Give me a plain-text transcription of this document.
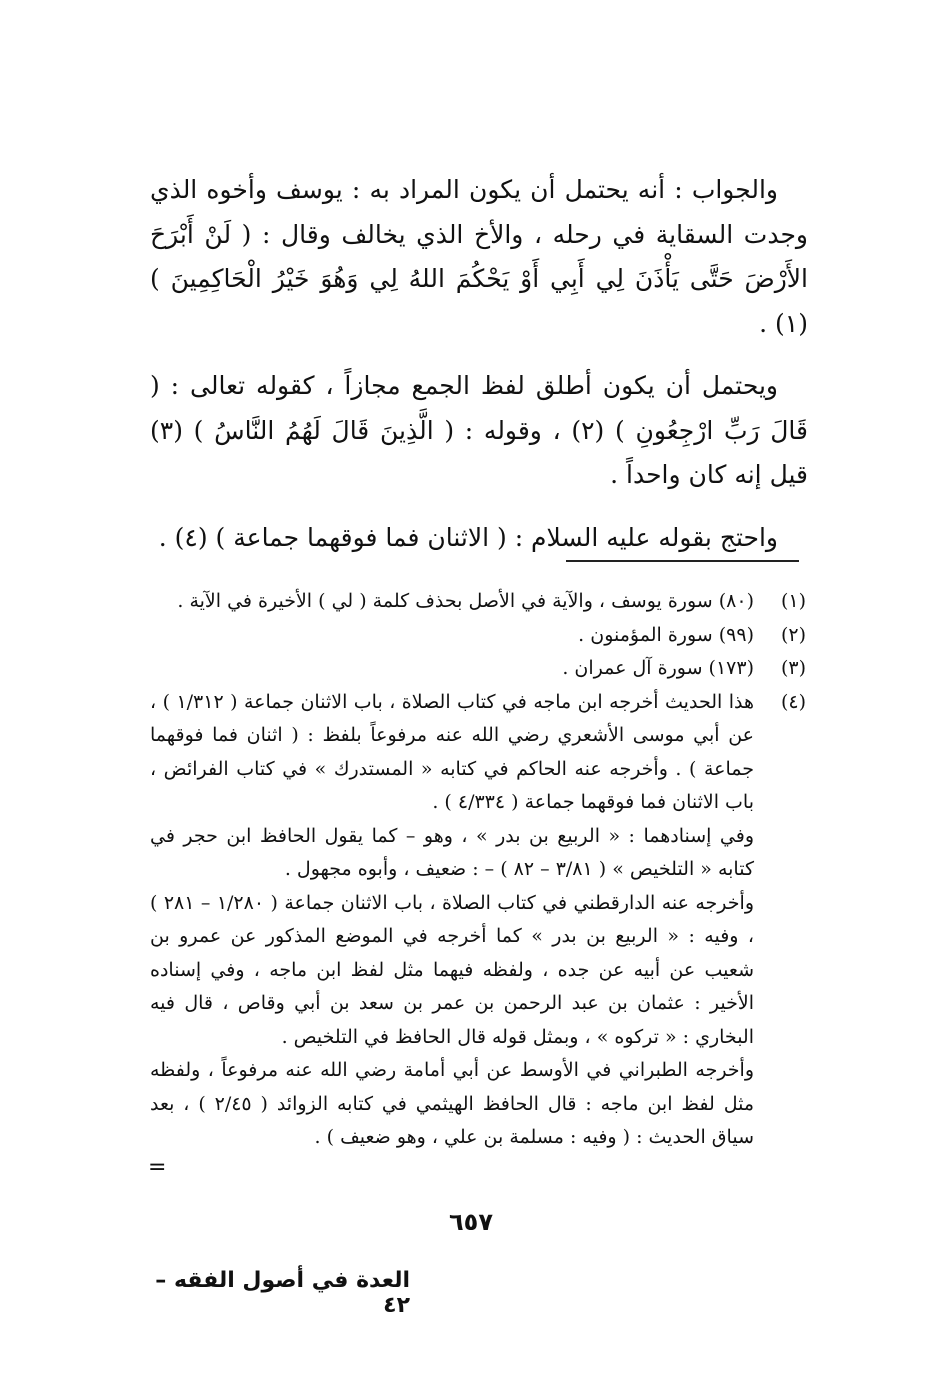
والجواب : أنه يحتمل أن يكون المراد به : يوسف وأخوه الذي وجدت السقاية في رحله ، والأخ الذي يخالف وقال : ( لَنْ أَبْرَحَ الأَرْضَ حَتَّى يَأْذَنَ لِي أَبِي أَوْ يَحْكُمَ اللهُ لِي وَهُوَ خَيْرُ الْحَاكِمِينَ ) (١) .

ويحتمل أن يكون أطلق لفظ الجمع مجازاً ، كقوله تعالى : ( قَالَ رَبِّ ارْجِعُونِ ) (٢) ، وقوله : ( الَّذِينَ قَالَ لَهُمُ النَّاسُ ) (٣) قيل إنه كان واحداً .

واحتج بقوله عليه السلام : ( الاثنان فما فوقهما جماعة ) (٤) .

(١)
(٨٠) سورة يوسف ، والآية في الأصل بحذف كلمة ( لي ) الأخيرة في الآية .
(٢)
(٩٩) سورة المؤمنون .
(٣)
(١٧٣) سورة آل عمران .
(٤)
هذا الحديث أخرجه ابن ماجه في كتاب الصلاة ، باب الاثنان جماعة ( ١/٣١٢ ) ، عن أبي موسى الأشعري رضي الله عنه مرفوعاً بلفظ : ( اثنان فما فوقهما جماعة ) . وأخرجه عنه الحاكم في كتابه « المستدرك » في كتاب الفرائض ، باب الاثنان فما فوقهما جماعة ( ٤/٣٣٤ ) .
وفي إسنادهما : « الربيع بن بدر » ، وهو – كما يقول الحافظ ابن حجر في كتابه « التلخيص » ( ٣/٨١ – ٨٢ ) – : ضعيف ، وأبوه مجهول .
وأخرجه عنه الدارقطني في كتاب الصلاة ، باب الاثنان جماعة ( ١/٢٨٠ – ٢٨١ ) ، وفيه : « الربيع بن بدر » كما أخرجه في الموضع المذكور عن عمرو بن شعيب عن أبيه عن جده ، ولفظه فيهما مثل لفظ ابن ماجه ، وفي إسناده الأخير : عثمان بن عبد الرحمن بن عمر بن سعد بن أبي وقاص ، قال فيه البخاري : « تركوه » ، وبمثل قوله قال الحافظ في التلخيص .
وأخرجه الطبراني في الأوسط عن أبي أمامة رضي الله عنه مرفوعاً ، ولفظه مثل لفظ ابن ماجه : قال الحافظ الهيثمي في كتابه الزوائد ( ٢/٤٥ ) ، بعد سياق الحديث : ( وفيه : مسلمة بن علي ، وهو ضعيف ) .
=
٦٥٧
العدة في أصول الفقه – ٤٢
